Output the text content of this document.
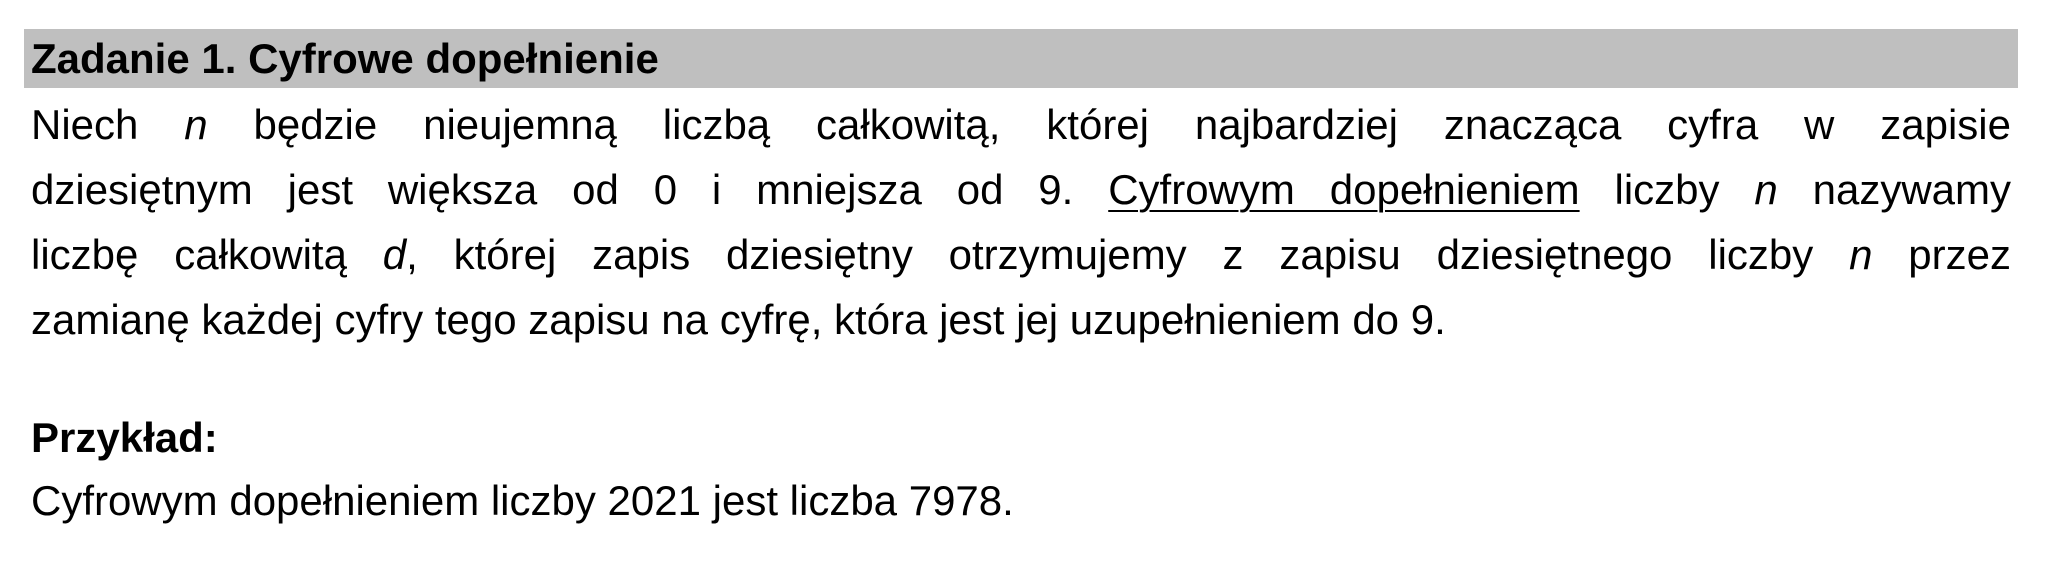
Zadanie 1. Cyfrowe dopełnienie
Niech n będzie nieujemną liczbą całkowitą, której najbardziej znacząca cyfra w zapisie
dziesiętnym jest większa od 0 i mniejsza od 9. Cyfrowym dopełnieniem liczby n nazywamy
liczbę całkowitą d, której zapis dziesiętny otrzymujemy z zapisu dziesiętnego liczby n przez
zamianę każdej cyfry tego zapisu na cyfrę, która jest jej uzupełnieniem do 9.
Przykład:
Cyfrowym dopełnieniem liczby 2021 jest liczba 7978.
